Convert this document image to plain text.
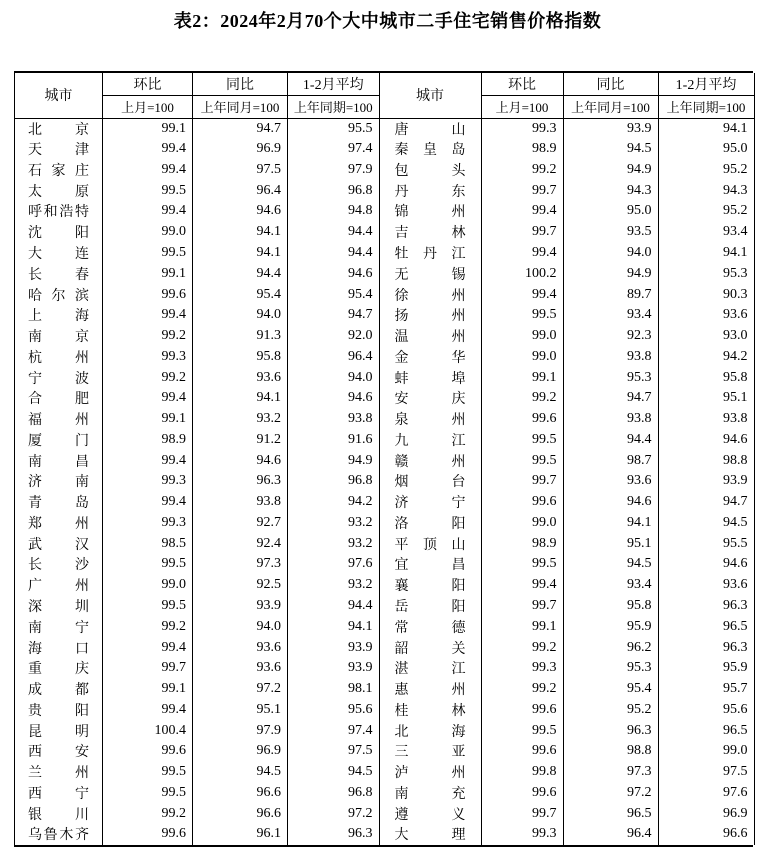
表2：2024年2月70个大中城市二手住宅销售价格指数
城市	环比	同比	1-2月平均
	上月=100	上年同月=100	上年同期=100

北 京	99.1	94.7	95.5

天 津	99.4	96.9	97.4

石 家 庄	99.4	97.5	97.9

太 原	99.5	96.4	96.8

呼 和 浩 特	99.4	94.6	94.8

沈 阳	99.0	94.1	94.4

大 连	99.5	94.1	94.4

长 春	99.1	94.4	94.6

哈 尔 滨	99.6	95.4	95.4

上 海	99.4	94.0	94.7

南 京	99.2	91.3	92.0

杭 州	99.3	95.8	96.4

宁 波	99.2	93.6	94.0

合 肥	99.4	94.1	94.6

福 州	99.1	93.2	93.8

厦 门	98.9	91.2	91.6

南 昌	99.4	94.6	94.9

济 南	99.3	96.3	96.8

青 岛	99.4	93.8	94.2

郑 州	99.3	92.7	93.2

武 汉	98.5	92.4	93.2

长 沙	99.5	97.3	97.6

广 州	99.0	92.5	93.2

深 圳	99.5	93.9	94.4

南 宁	99.2	94.0	94.1

海 口	99.4	93.6	93.9

重 庆	99.7	93.6	93.9

成 都	99.1	97.2	98.1

贵 阳	99.4	95.1	95.6

昆 明	100.4	97.9	97.4

西 安	99.6	96.9	97.5

兰 州	99.5	94.5	94.5

西 宁	99.5	96.6	96.8

银 川	99.2	96.6	97.2

乌 鲁 木 齐	99.6	96.1	96.3
城市	环比	同比	1-2月平均
	上月=100	上年同月=100	上年同期=100

唐 山	99.3	93.9	94.1

秦 皇 岛	98.9	94.5	95.0

包 头	99.2	94.9	95.2

丹 东	99.7	94.3	94.3

锦 州	99.4	95.0	95.2

吉 林	99.7	93.5	93.4

牡 丹 江	99.4	94.0	94.1

无 锡	100.2	94.9	95.3

徐 州	99.4	89.7	90.3

扬 州	99.5	93.4	93.6

温 州	99.0	92.3	93.0

金 华	99.0	93.8	94.2

蚌 埠	99.1	95.3	95.8

安 庆	99.2	94.7	95.1

泉 州	99.6	93.8	93.8

九 江	99.5	94.4	94.6

赣 州	99.5	98.7	98.8

烟 台	99.7	93.6	93.9

济 宁	99.6	94.6	94.7

洛 阳	99.0	94.1	94.5

平 顶 山	98.9	95.1	95.5

宜 昌	99.5	94.5	94.6

襄 阳	99.4	93.4	93.6

岳 阳	99.7	95.8	96.3

常 德	99.1	95.9	96.5

韶 关	99.2	96.2	96.3

湛 江	99.3	95.3	95.9

惠 州	99.2	95.4	95.7

桂 林	99.6	95.2	95.6

北 海	99.5	96.3	96.5

三 亚	99.6	98.8	99.0

泸 州	99.8	97.3	97.5

南 充	99.6	97.2	97.6

遵 义	99.7	96.5	96.9

大 理	99.3	96.4	96.6
